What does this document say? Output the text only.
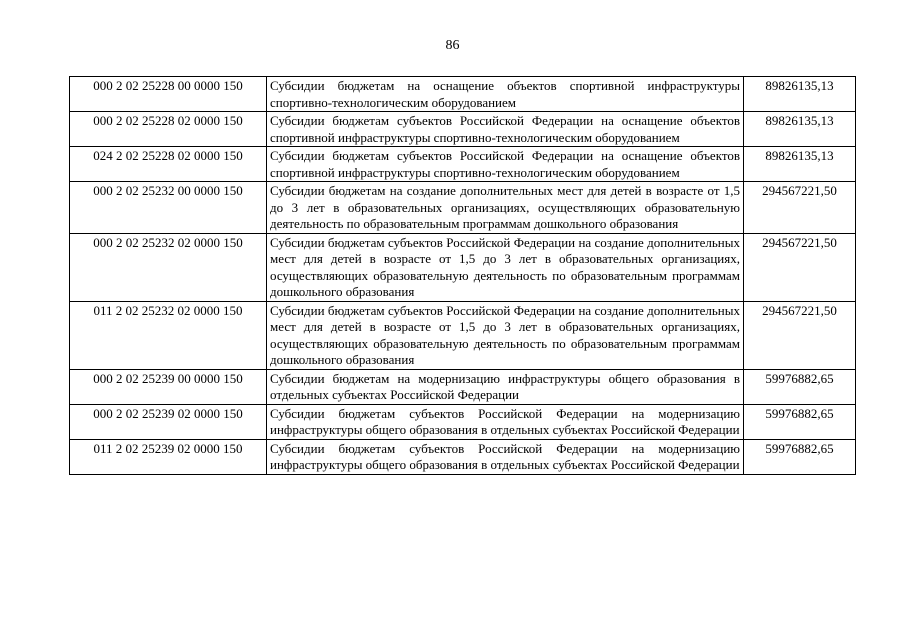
86
000 2 02 25228 00 0000 150	Субсидии бюджетам на оснащение объектов спортивной инфраструктуры спортивно-технологическим оборудованием	89826135,13
000 2 02 25228 02 0000 150	Субсидии бюджетам субъектов Российской Федерации на оснащение объектов спортивной инфраструктуры спортивно-технологическим оборудованием	89826135,13
024 2 02 25228 02 0000 150	Субсидии бюджетам субъектов Российской Федерации на оснащение объектов спортивной инфраструктуры спортивно-технологическим оборудованием	89826135,13
000 2 02 25232 00 0000 150	Субсидии бюджетам на создание дополнительных мест для детей в возрасте от 1,5 до 3 лет в образовательных организациях, осуществляющих образовательную деятельность по образовательным программам дошкольного образования	294567221,50
000 2 02 25232 02 0000 150	Субсидии бюджетам субъектов Российской Федерации на создание дополнительных мест для детей в возрасте от 1,5 до 3 лет в образовательных организациях, осуществляющих образовательную деятельность по образовательным программам дошкольного образования	294567221,50
011 2 02 25232 02 0000 150	Субсидии бюджетам субъектов Российской Федерации на создание дополнительных мест для детей в возрасте от 1,5 до 3 лет в образовательных организациях, осуществляющих образовательную деятельность по образовательным программам дошкольного образования	294567221,50
000 2 02 25239 00 0000 150	Субсидии бюджетам на модернизацию инфраструктуры общего образования в отдельных субъектах Российской Федерации	59976882,65
000 2 02 25239 02 0000 150	Субсидии бюджетам субъектов Российской Федерации на модернизацию инфраструктуры общего образования в отдельных субъектах Российской Федерации	59976882,65
011 2 02 25239 02 0000 150	Субсидии бюджетам субъектов Российской Федерации на модернизацию инфраструктуры общего образования в отдельных субъектах Российской Федерации	59976882,65
